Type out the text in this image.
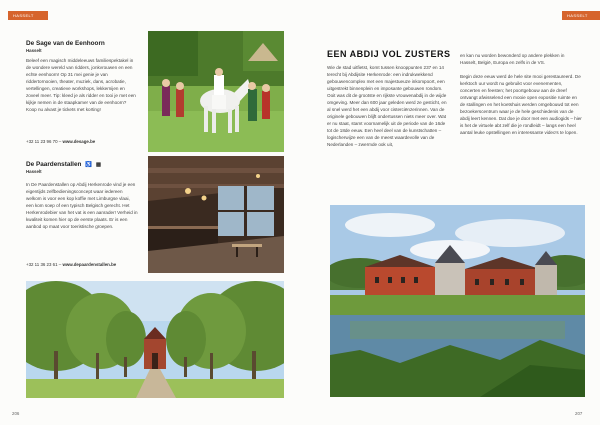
HASSELT
De Sage van de Eenhoorn
Hasselt
Beleef een magisch middeleeuws familiespektakel in de wondere wereld van ridders, jonkvrouwen en een echte eenhoorn! Op 31 mei genie je van riddertornooien, theater, muziek, dans, acrobatie, vertellingen, creatieve workshops, lekkernijen en zoveel meer. Tip: kleed je als ridder en tooi je met een kijkje nemen in de staapkamer van de eenhoorn? Koop nu alvast je tickets met korting!
+32 11 23 96 70 – www.desage.be
De Paardenstallen ♿ ▩
Hasselt
In De Paardenstallen op Abdij Herkenrode vind je een eigentijds zelfbedieningsconcept waar iedereen welkom is voor een kop koffie met Limburgse vlaai, een kom soep of een typisch Belgisch gerecht. Het Herkenrodebier van het vat is een aanrader! Verheid in kwaliteit komen hier op de eerste plaats. Er is een aanbod op maat voor toeristische groepen.
+32 11 36 23 61 – www.depaardenstallen.be
206
HASSELT
EEN ABDIJ VOL ZUSTERS

Wie de stad uitfietst, komt tussen knooppunten 237 en 14 terecht bij Abdijsite Herkenrode: een indrukwekkend gebouwencomplex met een majestueuze inkompoort, een uitgestrekt binnenplein en imposante gebouwen rondom. Ooit was dit de grootste en rijkste vrouwenabdij in de wijde omgeving. Meer dan 600 jaar geleden werd ze gesticht, en al snel werd het een abdij voor cisterciënzerinnen. Van de originele gebouwen blijft ondertussen niets meer over. Wat er nu staat, stamt voornamelijk uit de periode van de 16de tot de 18de eeuw. Een heel deel van de kunstschatten – logischerwijze een van de meest waardevolle van de Nederlanden – zwermde ook uit,

en kan nu worden bewonderd op andere plekken in Hasselt, België, Europa en zelfs in de VS.

Begin deze eeuw werd de hele site mooi gerestaureerd. De kerktoch uur wordt nu gebruikt voor evenementen, concerten en feesten; het poortgebouw aan de dreef ontvangt afwisselend een mooie open expositie ruimte en de stallingen en het koetshuis werden omgebouwd tot een bezoekerscentrum waar je de hele geschiedenis van de abdij leert kennen. Dat doe je door met een audiogids – hier is het de virtuele abt zelf die je rondleidt – langs een heel aantal leuke opstellingen en interessante video's te lopen.

207
